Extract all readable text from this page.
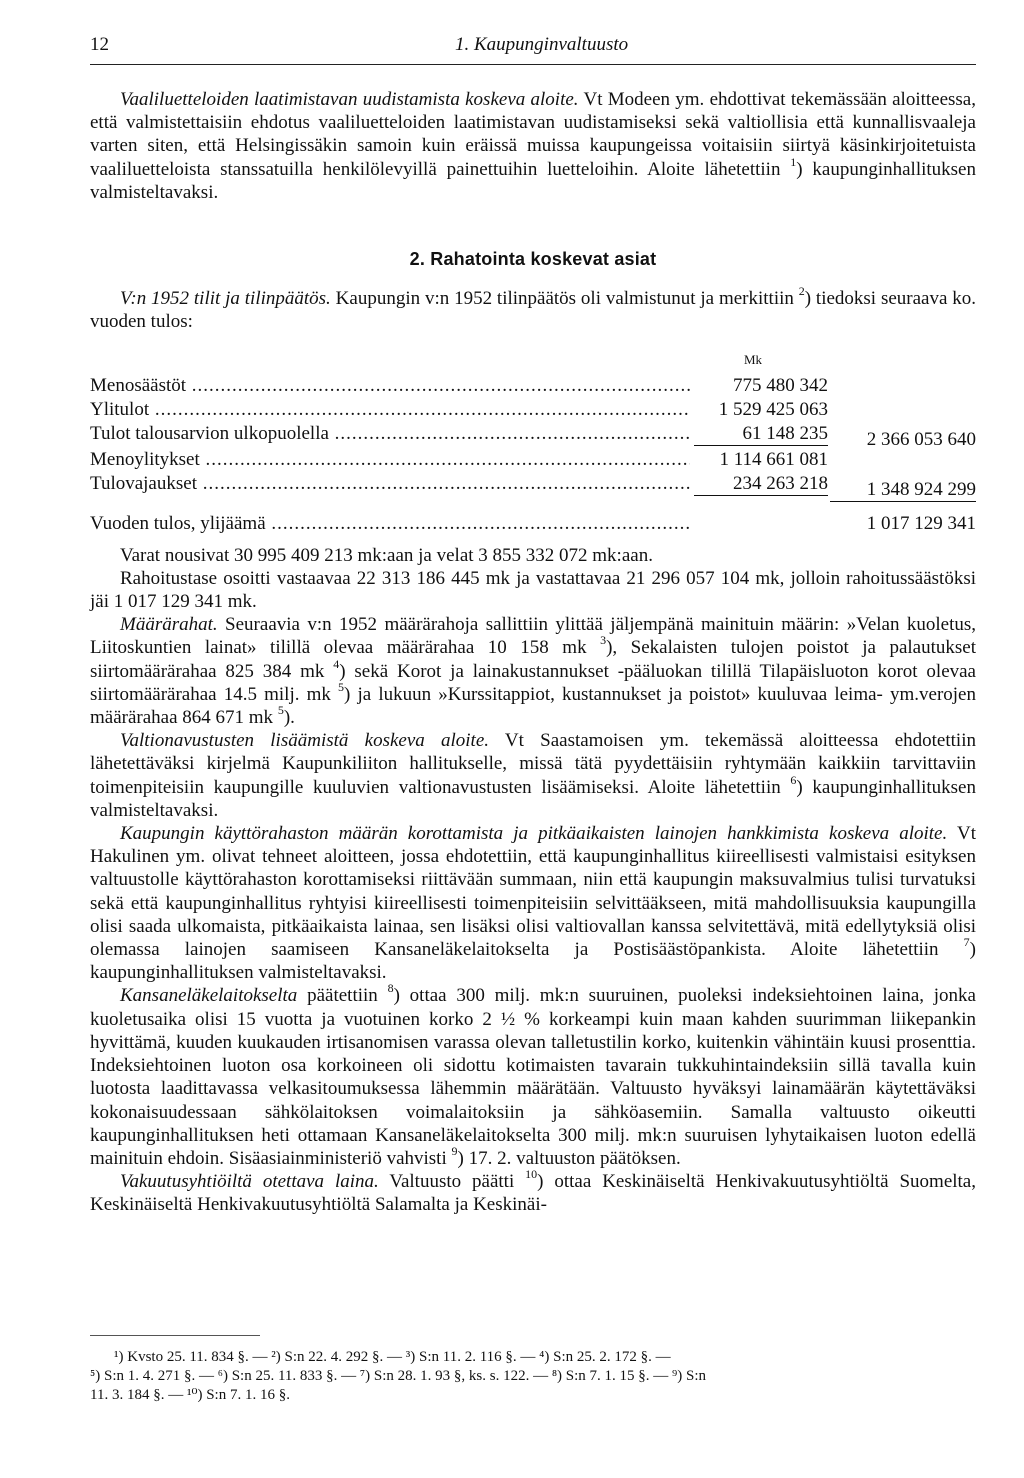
12	1. Kaupunginvaltuusto

Vaaliluetteloiden laatimistavan uudistamista koskeva aloite. Vt Modeen ym. ehdottivat tekemässään aloitteessa, että valmistettaisiin ehdotus vaaliluetteloiden laatimistavan uudistamiseksi sekä valtiollisia että kunnallisvaaleja varten siten, että Helsingissäkin samoin kuin eräissä muissa kaupungeissa voitaisiin siirtyä käsinkirjoitetuista vaaliluetteloista stanssatuilla henkilölevyillä painettuihin luetteloihin. Aloite lähetettiin $^1$) kaupunginhallituksen valmisteltavaksi.

2. Rahatointa koskevat asiat

V:n 1952 tilit ja tilinpäätös. Kaupungin v:n 1952 tilinpäätös oli valmistunut ja merkittiin $^2$) tiedoksi seuraava ko. vuoden tulos:

Mk
Menosäästöt .....	775 480 342
Ylitulot .....	1 529 425 063
Tulot talousarvion ulkopuolella .....	61 148 235	2 366 053 640
Menoylitykset .....	1 114 661 081
Tulovajaukset .....	234 263 218	1 348 924 299
Vuoden tulos, ylijäämä .....	1 017 129 341

Varat nousivat 30 995 409 213 mk:aan ja velat 3 855 332 072 mk:aan.

Rahoitustase osoitti vastaavaa 22 313 186 445 mk ja vastattavaa 21 296 057 104 mk, jolloin rahoitussäästöksi jäi 1 017 129 341 mk.

Määrärahat. Seuraavia v:n 1952 määrärahoja sallittiin ylittää jäljempänä mainituin määrin: »Velan kuoletus, Liitoskuntien lainat» tilillä olevaa määrärahaa 10 158 mk $^3$), Sekalaisten tulojen poistot ja palautukset siirtomäärärahaa 825 384 mk $^4$) sekä Korot ja lainakustannukset -pääluokan tilillä Tilapäisluoton korot olevaa siirtomäärärahaa 14.5 milj. mk $^5$) ja lukuun »Kurssitappiot, kustannukset ja poistot» kuuluvaa leima- ym.verojen määrärahaa 864 671 mk $^5$).

Valtionavustusten lisäämistä koskeva aloite. Vt Saastamoisen ym. tekemässä aloitteessa ehdotettiin lähetettäväksi kirjelmä Kaupunkiliiton hallitukselle, missä tätä pyydettäisiin ryhtymään kaikkiin tarvittaviin toimenpiteisiin kaupungille kuuluvien valtionavustusten lisäämiseksi. Aloite lähetettiin $^6$) kaupunginhallituksen valmisteltavaksi.

Kaupungin käyttörahaston määrän korottamista ja pitkäaikaisten lainojen hankkimista koskeva aloite. Vt Hakulinen ym. olivat tehneet aloitteen, jossa ehdotettiin, että kaupunginhallitus kiireellisesti valmistaisi esityksen valtuustolle käyttörahaston korottamiseksi riittävään summaan, niin että kaupungin maksuvalmius tulisi turvatuksi sekä että kaupunginhallitus ryhtyisi kiireellisesti toimenpiteisiin selvittääkseen, mitä mahdollisuuksia kaupungilla olisi saada ulkomaista, pitkäaikaista lainaa, sen lisäksi olisi valtiovallan kanssa selvitettävä, mitä edellytyksiä olisi olemassa lainojen saamiseen Kansaneläkelaitokselta ja Postisäästöpankista. Aloite lähetettiin $^7$) kaupunginhallituksen valmisteltavaksi.

Kansaneläkelaitokselta päätettiin $^8$) ottaa 300 milj. mk:n suuruinen, puoleksi indeksiehtoinen laina, jonka kuoletusaika olisi 15 vuotta ja vuotuinen korko 2 ½ % korkeampi kuin maan kahden suurimman liikepankin hyvittämä, kuuden kuukauden irtisanomisen varassa olevan talletustilin korko, kuitenkin vähintäin kuusi prosenttia. Indeksiehtoinen luoton osa korkoineen oli sidottu kotimaisten tavarain tukkuhintaindeksiin sillä tavalla kuin luotosta laadittavassa velkasitoumuksessa lähemmin määrätään. Valtuusto hyväksyi lainamäärän käytettäväksi kokonaisuudessaan sähkölaitoksen voimalaitoksiin ja sähköasemiin. Samalla valtuusto oikeutti kaupunginhallituksen heti ottamaan Kansaneläkelaitokselta 300 milj. mk:n suuruisen lyhytaikaisen luoton edellä mainituin ehdoin. Sisäasiainministeriö vahvisti $^9$) 17. 2. valtuuston päätöksen.

Vakuutusyhtiöiltä otettava laina. Valtuusto päätti $^{10}$) ottaa Keskinäiseltä Henkivakuutusyhtiöltä Suomelta, Keskinäiseltä Henkivakuutusyhtiöltä Salamalta ja Keskinäi-

¹) Kvsto 25. 11. 834 §. — ²) S:n 22. 4. 292 §. — ³) S:n 11. 2. 116 §. — ⁴) S:n 25. 2. 172 §. —
⁵) S:n 1. 4. 271 §. — ⁶) S:n 25. 11. 833 §. — ⁷) S:n 28. 1. 93 §, ks. s. 122. — ⁸) S:n 7. 1. 15 §. — ⁹) S:n
11. 3. 184 §. — ¹⁰) S:n 7. 1. 16 §.
